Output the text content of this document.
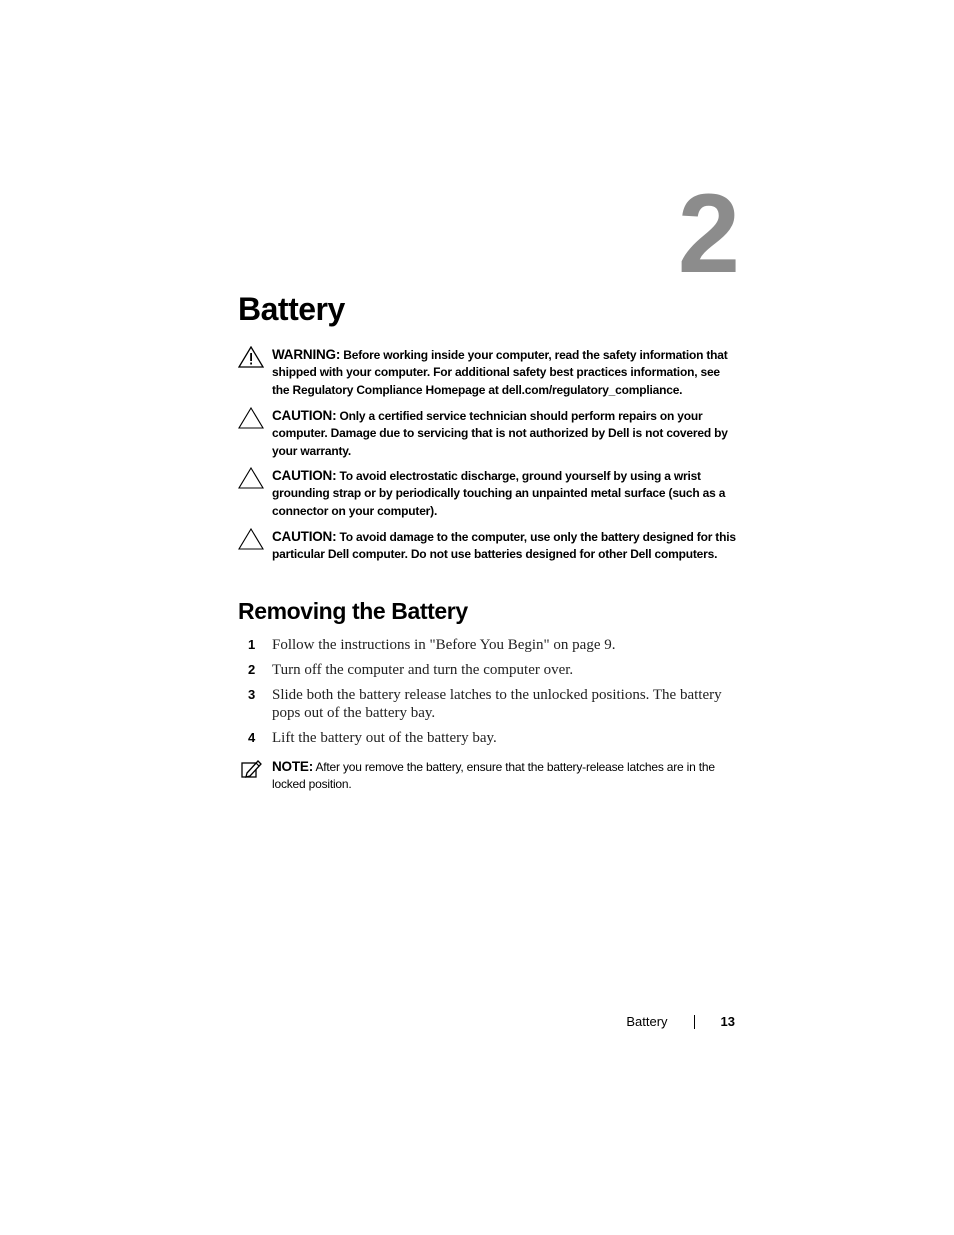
2
Battery
WARNING: Before working inside your computer, read the safety information that shipped with your computer. For additional safety best practices information, see the Regulatory Compliance Homepage at dell.com/regulatory_compliance.
CAUTION: Only a certified service technician should perform repairs on your computer. Damage due to servicing that is not authorized by Dell is not covered by your warranty.
CAUTION: To avoid electrostatic discharge, ground yourself by using a wrist grounding strap or by periodically touching an unpainted metal surface (such as a connector on your computer).
CAUTION: To avoid damage to the computer, use only the battery designed for this particular Dell computer. Do not use batteries designed for other Dell computers.
Removing the Battery
1 Follow the instructions in "Before You Begin" on page 9.
2 Turn off the computer and turn the computer over.
3 Slide both the battery release latches to the unlocked positions. The battery pops out of the battery bay.
4 Lift the battery out of the battery bay.
NOTE: After you remove the battery, ensure that the battery-release latches are in the locked position.
Battery	13
